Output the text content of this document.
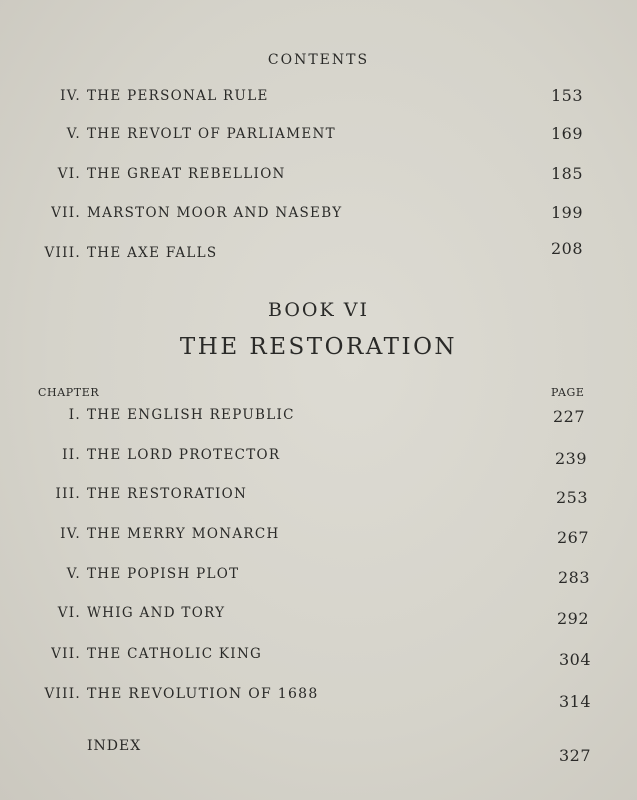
CONTENTS
IV. THE PERSONAL RULE	153
V. THE REVOLT OF PARLIAMENT	169
VI. THE GREAT REBELLION	185
VII. MARSTON MOOR AND NASEBY	199
VIII. THE AXE FALLS	208
BOOK VI
THE RESTORATION
CHAPTER	PAGE
I. THE ENGLISH REPUBLIC	227
II. THE LORD PROTECTOR	239
III. THE RESTORATION	253
IV. THE MERRY MONARCH	267
V. THE POPISH PLOT	283
VI. WHIG AND TORY	292
VII. THE CATHOLIC KING	304
VIII. THE REVOLUTION OF 1688	314
INDEX	327
